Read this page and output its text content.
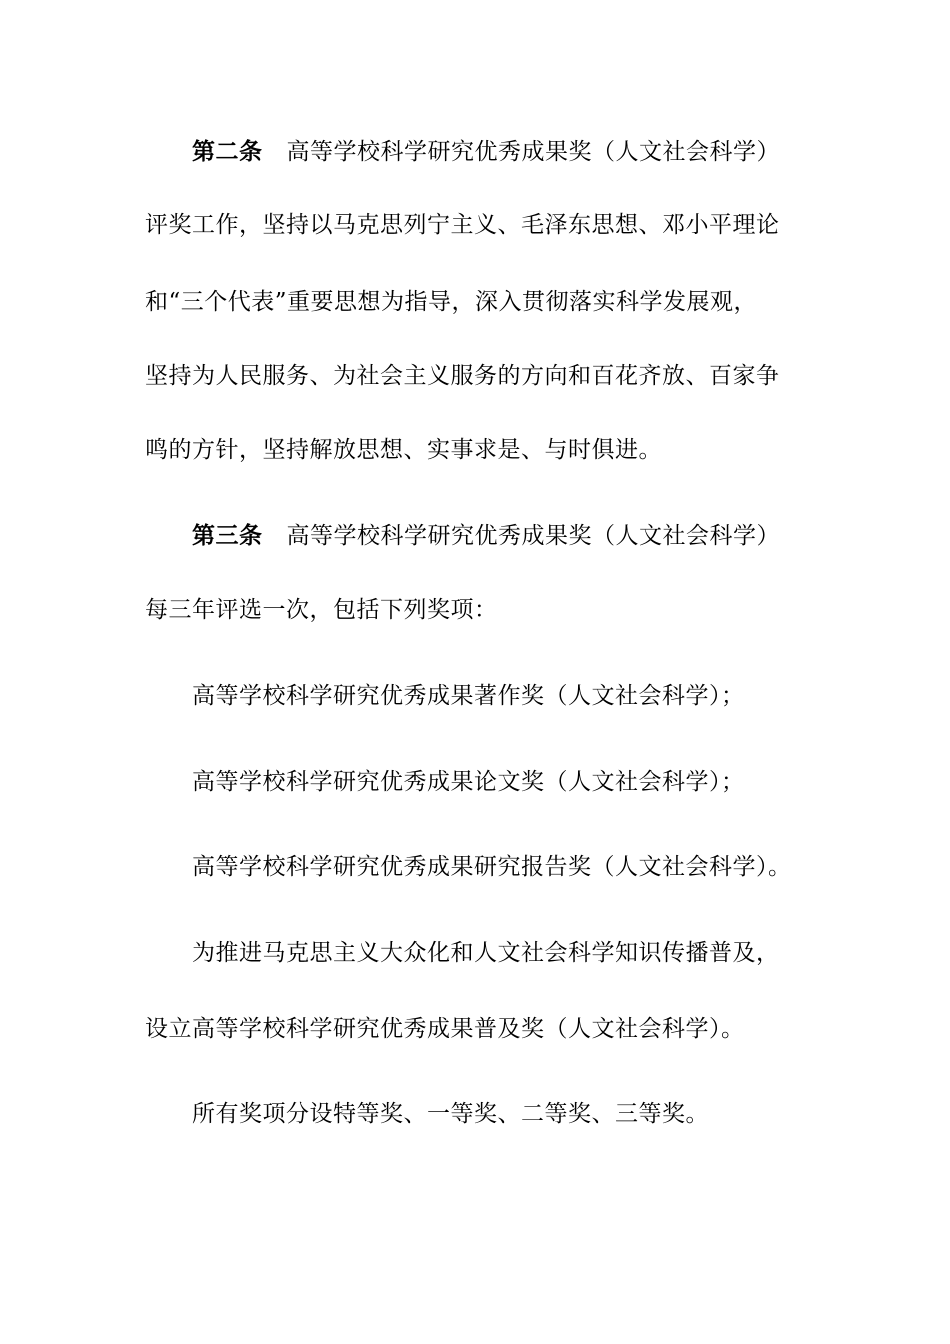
第二条 高等学校科学研究优秀成果奖（人文社会科学）
评奖工作，坚持以马克思列宁主义、毛泽东思想、邓小平理论
和“三个代表”重要思想为指导，深入贯彻落实科学发展观，
坚持为人民服务、为社会主义服务的方向和百花齐放、百家争
鸣的方针，坚持解放思想、实事求是、与时俱进。
第三条 高等学校科学研究优秀成果奖（人文社会科学）
每三年评选一次，包括下列奖项：
高等学校科学研究优秀成果著作奖（人文社会科学）；
高等学校科学研究优秀成果论文奖（人文社会科学）；
高等学校科学研究优秀成果研究报告奖（人文社会科学）。
为推进马克思主义大众化和人文社会科学知识传播普及，
设立高等学校科学研究优秀成果普及奖（人文社会科学）。
所有奖项分设特等奖、一等奖、二等奖、三等奖。
